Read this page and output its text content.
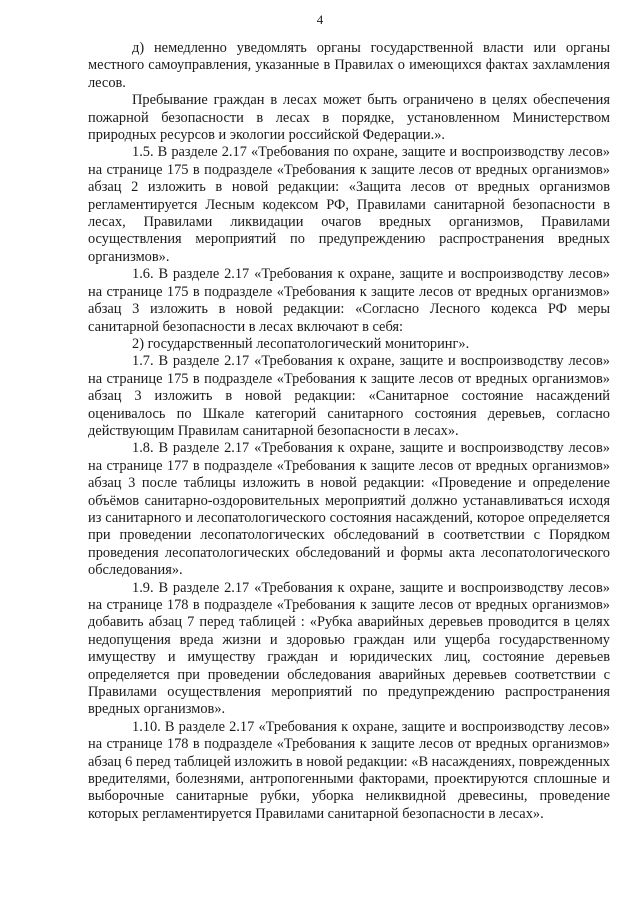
4

д) немедленно уведомлять органы государственной власти или органы местного самоуправления, указанные в Правилах о имеющихся фактах захламления лесов.

Пребывание граждан в лесах может быть ограничено в целях обеспечения пожарной безопасности в лесах в порядке, установленном Министерством природных ресурсов и экологии российской Федерации.».

1.5. В разделе 2.17 «Требования по охране, защите и воспроизводству лесов» на странице 175 в подразделе «Требования к защите лесов от вредных организмов» абзац 2 изложить в новой редакции: «Защита лесов от вредных организмов регламентируется Лесным кодексом РФ, Правилами санитарной безопасности в лесах, Правилами ликвидации очагов вредных организмов, Правилами осуществления мероприятий по предупреждению распространения вредных организмов».

1.6. В разделе 2.17 «Требования к охране, защите и воспроизводству лесов» на странице 175 в подразделе «Требования к защите лесов от вредных организмов» абзац 3 изложить в новой редакции: «Согласно Лесного кодекса РФ меры санитарной безопасности в лесах включают в себя:

2) государственный лесопатологический мониторинг».

1.7. В разделе 2.17 «Требования к охране, защите и воспроизводству лесов» на странице 175 в подразделе «Требования к защите лесов от вредных организмов» абзац 3 изложить в новой редакции: «Санитарное состояние насаждений оценивалось по Шкале категорий санитарного состояния деревьев, согласно действующим Правилам санитарной безопасности в лесах».

1.8. В разделе 2.17 «Требования к охране, защите и воспроизводству лесов» на странице 177 в подразделе «Требования к защите лесов от вредных организмов» абзац 3 после таблицы изложить в новой редакции: «Проведение и определение объёмов санитарно-оздоровительных мероприятий должно устанавливаться исходя из санитарного и лесопатологического состояния насаждений, которое определяется при проведении лесопатологических обследований в соответствии с Порядком проведения лесопатологических обследований и формы акта лесопатологического обследования».

1.9. В разделе 2.17 «Требования к охране, защите и воспроизводству лесов» на странице 178 в подразделе «Требования к защите лесов от вредных организмов» добавить абзац 7 перед таблицей : «Рубка аварийных деревьев проводится в целях недопущения вреда жизни и здоровью граждан или ущерба государственному имуществу и имуществу граждан и юридических лиц, состояние деревьев определяется при проведении обследования аварийных деревьев соответствии с Правилами осуществления мероприятий по предупреждению распространения вредных организмов».

1.10. В разделе 2.17 «Требования к охране, защите и воспроизводству лесов» на странице 178 в подразделе «Требования к защите лесов от вредных организмов» абзац 6 перед таблицей изложить в новой редакции: «В насаждениях, поврежденных вредителями, болезнями, антропогенными факторами, проектируются сплошные и выборочные санитарные рубки, уборка неликвидной древесины, проведение которых регламентируется Правилами санитарной безопасности в лесах».
